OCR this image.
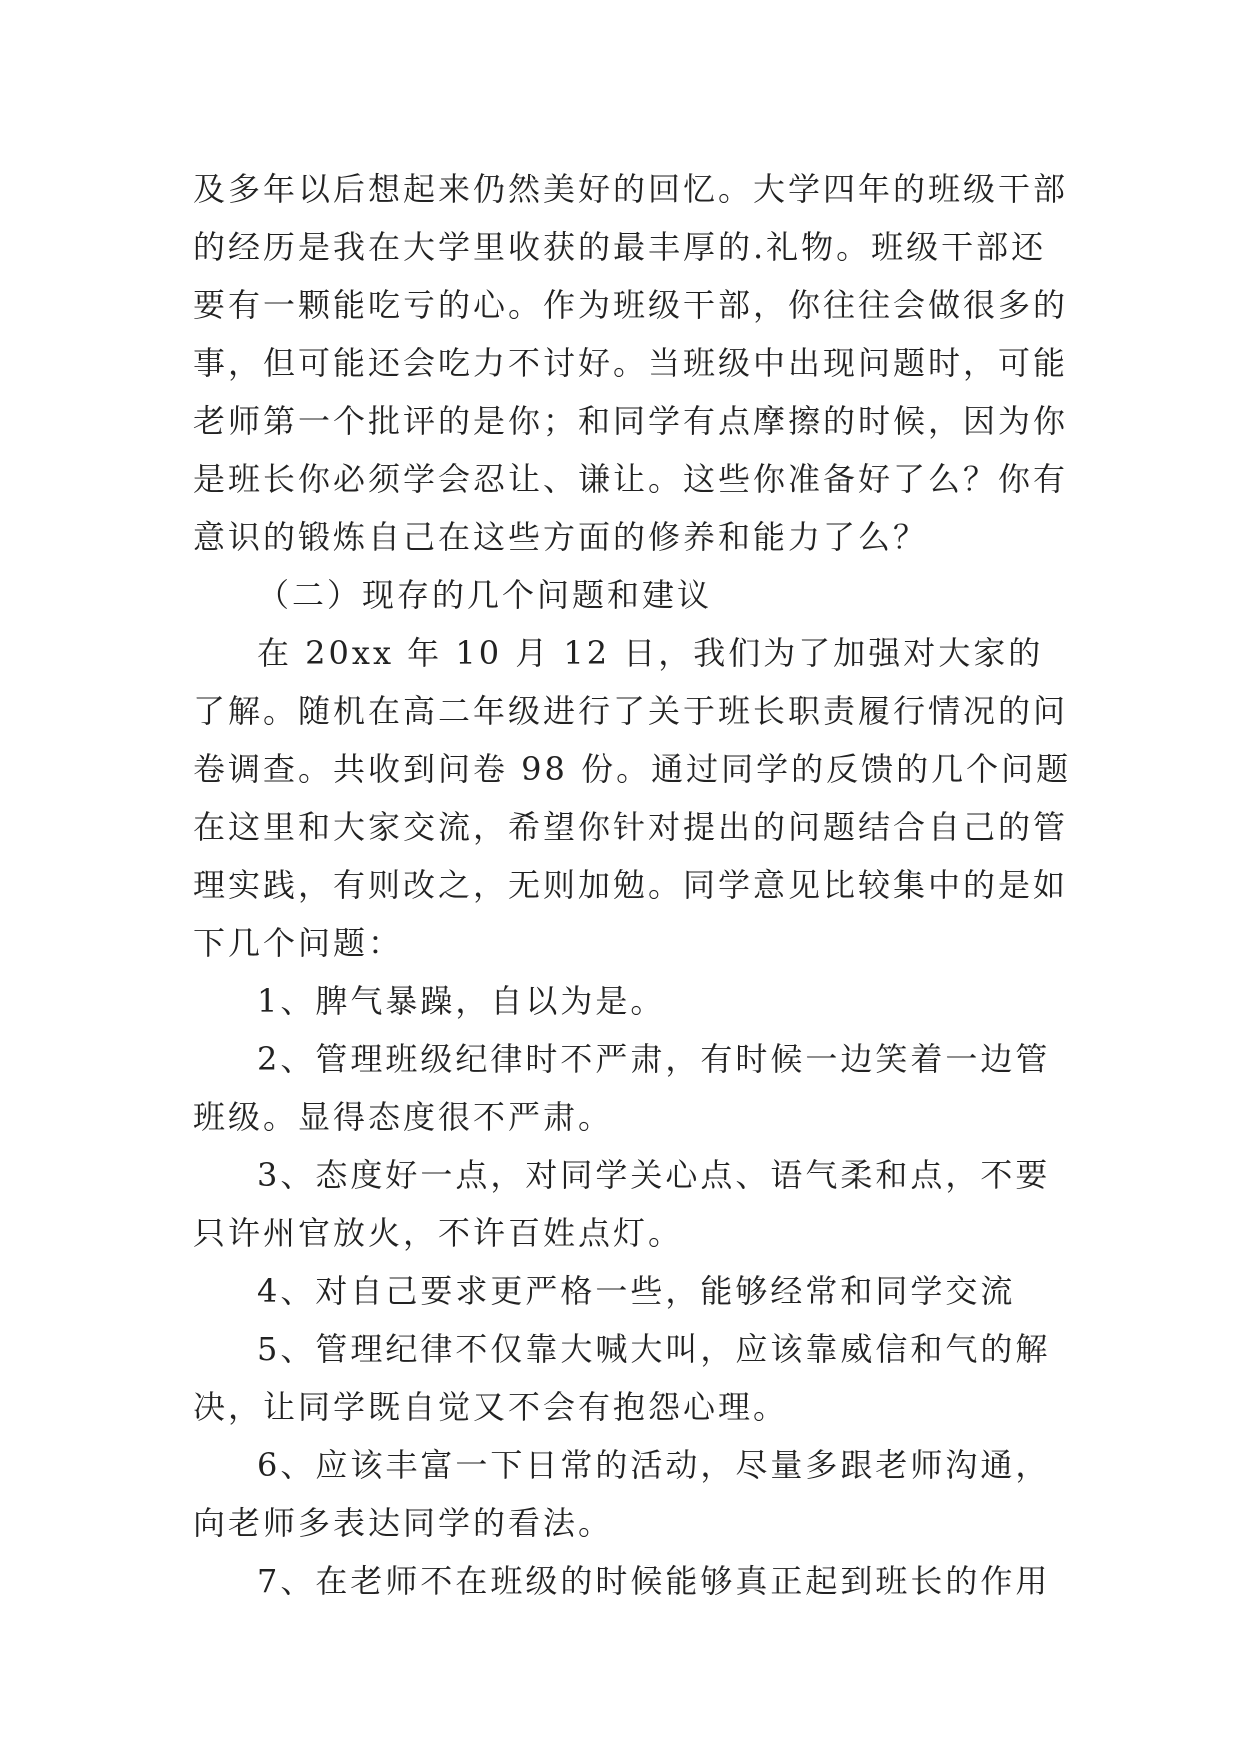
及多年以后想起来仍然美好的回忆。大学四年的班级干部的经历是我在大学里收获的最丰厚的.礼物。班级干部还要有一颗能吃亏的心。作为班级干部，你往往会做很多的事，但可能还会吃力不讨好。当班级中出现问题时，可能老师第一个批评的是你；和同学有点摩擦的时候，因为你是班长你必须学会忍让、谦让。这些你准备好了么？你有意识的锻炼自己在这些方面的修养和能力了么？

（二）现存的几个问题和建议

在 20xx 年 10 月 12 日，我们为了加强对大家的了解。随机在高二年级进行了关于班长职责履行情况的问卷调查。共收到问卷 98 份。通过同学的反馈的几个问题在这里和大家交流，希望你针对提出的问题结合自己的管理实践，有则改之，无则加勉。同学意见比较集中的是如下几个问题：

1、脾气暴躁，自以为是。

2、管理班级纪律时不严肃，有时候一边笑着一边管班级。显得态度很不严肃。

3、态度好一点，对同学关心点、语气柔和点，不要只许州官放火，不许百姓点灯。

4、对自己要求更严格一些，能够经常和同学交流

5、管理纪律不仅靠大喊大叫，应该靠威信和气的解决，让同学既自觉又不会有抱怨心理。

6、应该丰富一下日常的活动，尽量多跟老师沟通，向老师多表达同学的看法。

7、在老师不在班级的时候能够真正起到班长的作用
